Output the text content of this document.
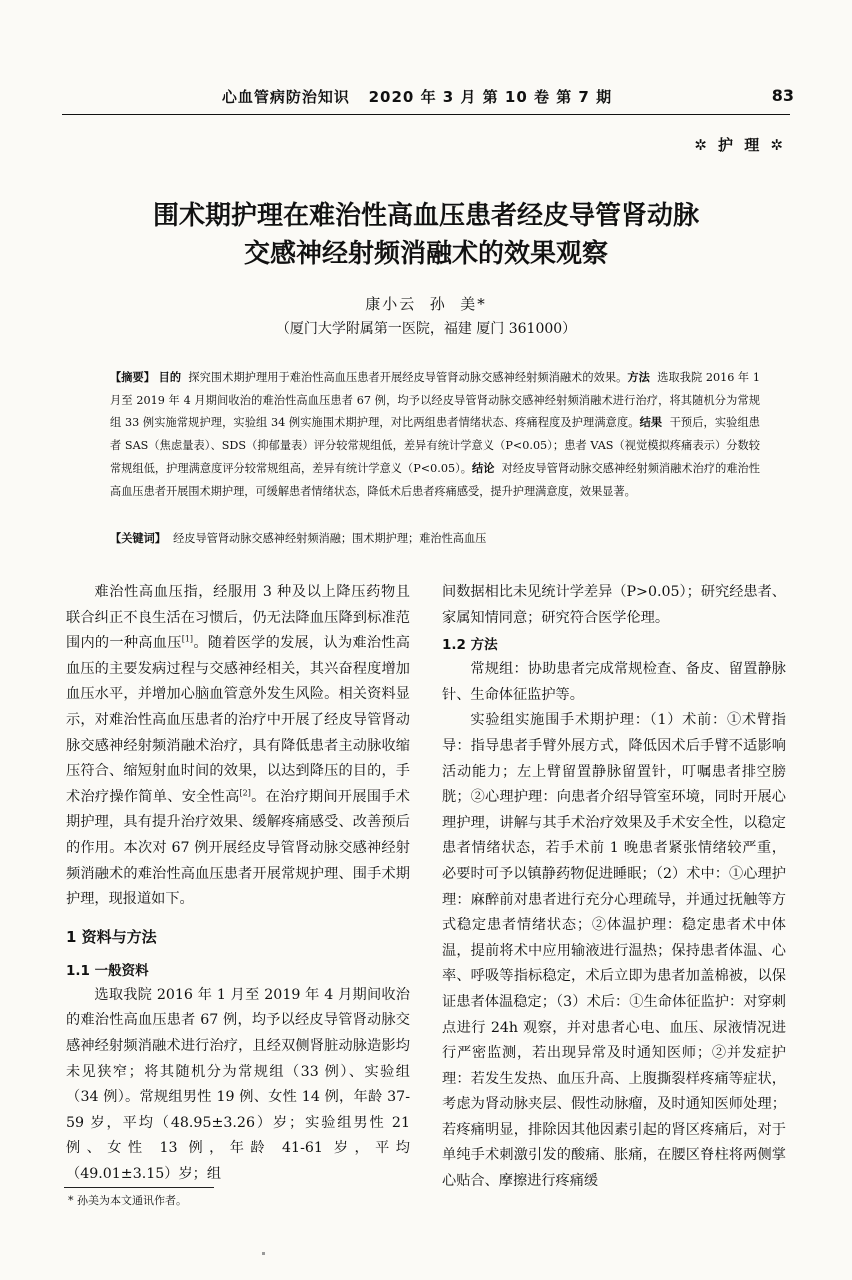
心血管病防治知识 2020 年 3 月 第 10 卷 第 7 期	83
✲ 护 理 ✲
围术期护理在难治性高血压患者经皮导管肾动脉
交感神经射频消融术的效果观察
康小云  孙  美*
（厦门大学附属第一医院，福建 厦门 361000）
【摘要】 目的 探究围术期护理用于难治性高血压患者开展经皮导管肾动脉交感神经射频消融术的效果。方法 选取我院 2016 年 1 月至 2019 年 4 月期间收治的难治性高血压患者 67 例，均予以经皮导管肾动脉交感神经射频消融术进行治疗，将其随机分为常规组 33 例实施常规护理，实验组 34 例实施围术期护理，对比两组患者情绪状态、疼痛程度及护理满意度。结果 干预后，实验组患者 SAS（焦虑量表）、SDS（抑郁量表）评分较常规组低，差异有统计学意义（P<0.05）；患者 VAS（视觉模拟疼痛表示）分数较常规组低，护理满意度评分较常规组高，差异有统计学意义（P<0.05）。结论 对经皮导管肾动脉交感神经射频消融术治疗的难治性高血压患者开展围术期护理，可缓解患者情绪状态，降低术后患者疼痛感受，提升护理满意度，效果显著。
【关键词】 经皮导管肾动脉交感神经射频消融；围术期护理；难治性高血压

难治性高血压指，经服用 3 种及以上降压药物且联合纠正不良生活在习惯后，仍无法降血压降到标准范围内的一种高血压[1]。随着医学的发展，认为难治性高血压的主要发病过程与交感神经相关，其兴奋程度增加血压水平，并增加心脑血管意外发生风险。相关资料显示，对难治性高血压患者的治疗中开展了经皮导管肾动脉交感神经射频消融术治疗，具有降低患者主动脉收缩压符合、缩短射血时间的效果，以达到降压的目的，手术治疗操作简单、安全性高[2]。在治疗期间开展围手术期护理，具有提升治疗效果、缓解疼痛感受、改善预后的作用。本次对 67 例开展经皮导管肾动脉交感神经射频消融术的难治性高血压患者开展常规护理、围手术期护理，现报道如下。

1 资料与方法
1.1 一般资料

选取我院 2016 年 1 月至 2019 年 4 月期间收治的难治性高血压患者 67 例，均予以经皮导管肾动脉交感神经射频消融术进行治疗，且经双侧肾脏动脉造影均未见狭窄；将其随机分为常规组（33 例）、实验组（34 例）。常规组男性 19 例、女性 14 例，年龄 37-59 岁，平均（48.95±3.26）岁；实验组男性 21 例、女性 13 例，年龄 41-61 岁，平均（49.01±3.15）岁；组

间数据相比未见统计学差异（P>0.05）；研究经患者、家属知情同意；研究符合医学伦理。

1.2 方法

常规组：协助患者完成常规检查、备皮、留置静脉针、生命体征监护等。

实验组实施围手术期护理：（1）术前：①术臂指导：指导患者手臂外展方式，降低因术后手臂不适影响活动能力；左上臂留置静脉留置针，叮嘱患者排空膀胱；②心理护理：向患者介绍导管室环境，同时开展心理护理，讲解与其手术治疗效果及手术安全性，以稳定患者情绪状态，若手术前 1 晚患者紧张情绪较严重，必要时可予以镇静药物促进睡眠；（2）术中：①心理护理：麻醉前对患者进行充分心理疏导，并通过抚触等方式稳定患者情绪状态；②体温护理：稳定患者术中体温，提前将术中应用输液进行温热；保持患者体温、心率、呼吸等指标稳定，术后立即为患者加盖棉被，以保证患者体温稳定；（3）术后：①生命体征监护：对穿刺点进行 24h 观察，并对患者心电、血压、尿液情况进行严密监测，若出现异常及时通知医师；②并发症护理：若发生发热、血压升高、上腹撕裂样疼痛等症状，考虑为肾动脉夹层、假性动脉瘤，及时通知医师处理；若疼痛明显，排除因其他因素引起的肾区疼痛后，对于单纯手术刺激引发的酸痛、胀痛，在腰区脊柱将两侧掌心贴合、摩擦进行疼痛缓

* 孙美为本文通讯作者。
